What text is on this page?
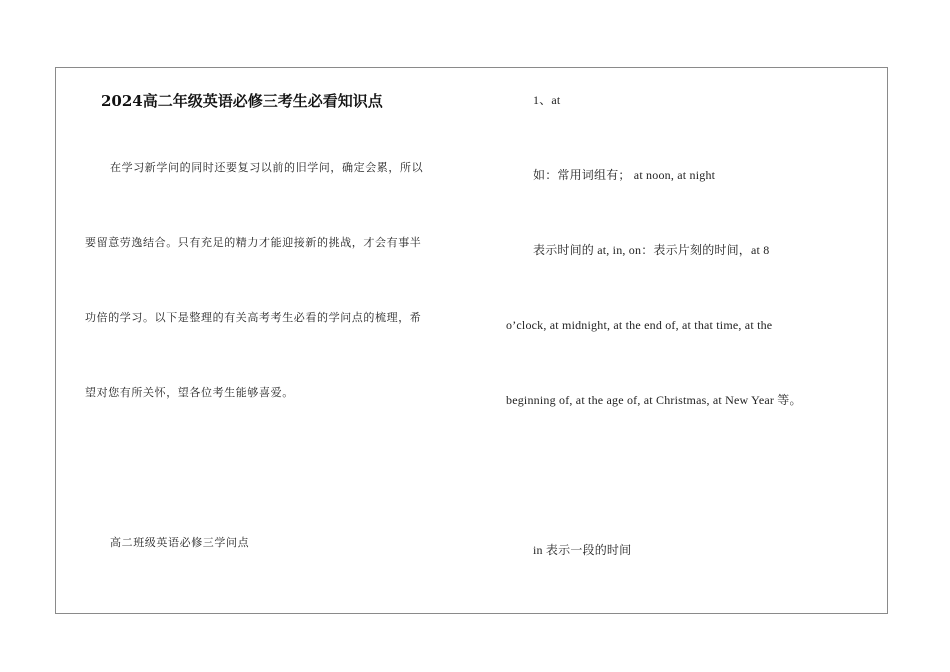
2024高二年级英语必修三考生必看知识点
在学习新学问的同时还要复习以前的旧学问，确定会累，所以
要留意劳逸结合。只有充足的精力才能迎接新的挑战，才会有事半
功倍的学习。以下是整理的有关高考考生必看的学问点的梳理，希
望对您有所关怀，望各位考生能够喜爱。
高二班级英语必修三学问点
1、at
如：常用词组有； at noon, at night
表示时间的 at, in, on：表示片刻的时间，at 8
o’clock, at midnight, at the end of, at that time, at the
beginning of, at the age of, at Christmas, at New Year 等。
in 表示一段的时间
